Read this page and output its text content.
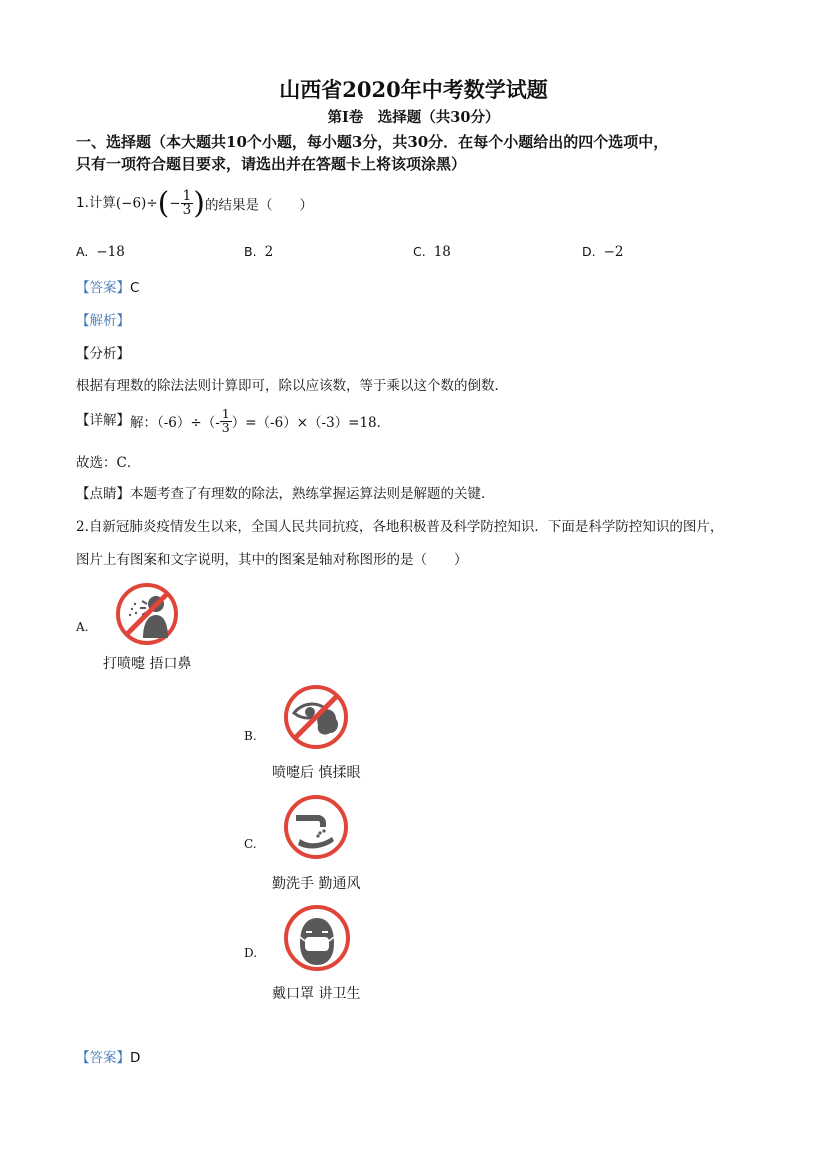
山西省2020年中考数学试题
第Ⅰ卷　选择题（共30分）
一、选择题（本大题共10个小题，每小题3分，共30分．在每个小题给出的四个选项中，
只有一项符合题目要求，请选出并在答题卡上将该项涂黑）
1.计算$(-6)\div(- \frac{1}{3}$ )的结果是（　　）
A. −18	B. 2	C. 18	D. −2
【答案】C
【解析】
【分析】
根据有理数的除法法则计算即可，除以应该数，等于乘以这个数的倒数．
【详解】解：$(-6)\div(- \frac{1}{3} )=(-6)\times(-3)=18$．
故选：C．
【点睛】本题考查了有理数的除法，熟练掌握运算法则是解题的关键．
2.自新冠肺炎疫情发生以来，全国人民共同抗疫，各地积极普及科学防控知识．下面是科学防控知识的图片，
图片上有图案和文字说明，其中的图案是轴对称图形的是（　　）
A.
打喷嚏 捂口鼻
B.
喷嚏后 慎揉眼
C.
勤洗手 勤通风
D.
戴口罩 讲卫生
【答案】D
